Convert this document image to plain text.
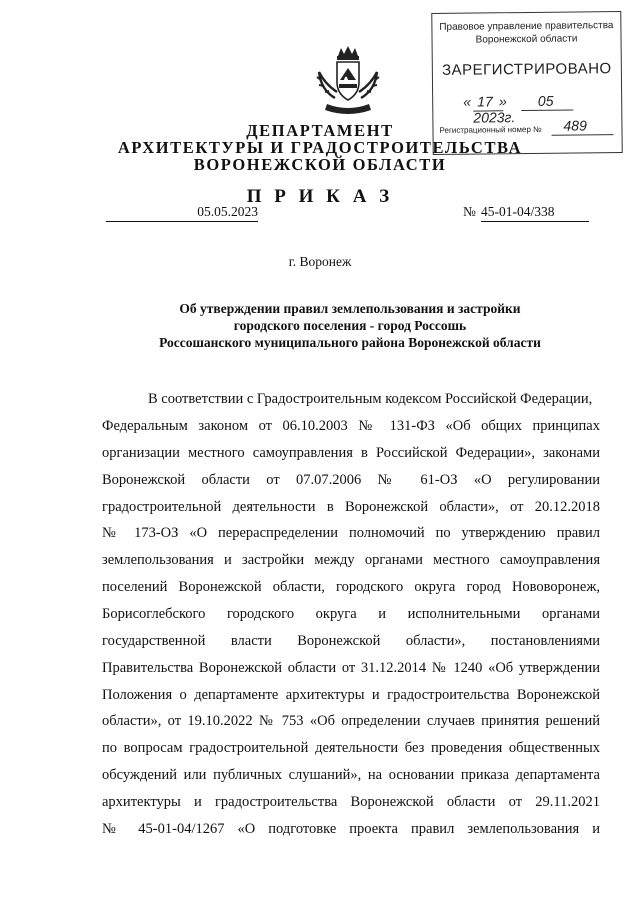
Правовое управление правительства
Воронежской области
ЗАРЕГИСТРИРОВАНО
« 17 » 05 2023г.
Регистрационный номер № 489
ДЕПАРТАМЕНТ
АРХИТЕКТУРЫ И ГРАДОСТРОИТЕЛЬСТВА
ВОРОНЕЖСКОЙ ОБЛАСТИ
П Р И К А З
05.05.2023	№ 45-01-04/338
г. Воронеж
Об утверждении правил землепользования и застройки
городского поселения - город Россошь
Россошанского муниципального района Воронежской области
В соответствии с Градостроительным кодексом Российской Федерации,
Федеральным законом от 06.10.2003 № 131-ФЗ «Об общих принципах
организации местного самоуправления в Российской Федерации», законами
Воронежской области от 07.07.2006 № 61-ОЗ «О регулировании
градостроительной деятельности в Воронежской области», от 20.12.2018
№ 173-ОЗ «О перераспределении полномочий по утверждению правил
землепользования и застройки между органами местного самоуправления
поселений Воронежской области, городского округа город Нововоронеж,
Борисоглебского городского округа и исполнительными органами
государственной власти Воронежской области», постановлениями
Правительства Воронежской области от 31.12.2014 № 1240 «Об утверждении
Положения о департаменте архитектуры и градостроительства Воронежской
области», от 19.10.2022 № 753 «Об определении случаев принятия решений
по вопросам градостроительной деятельности без проведения общественных
обсуждений или публичных слушаний», на основании приказа департамента
архитектуры и градостроительства Воронежской области от 29.11.2021
№ 45-01-04/1267 «О подготовке проекта правил землепользования и
